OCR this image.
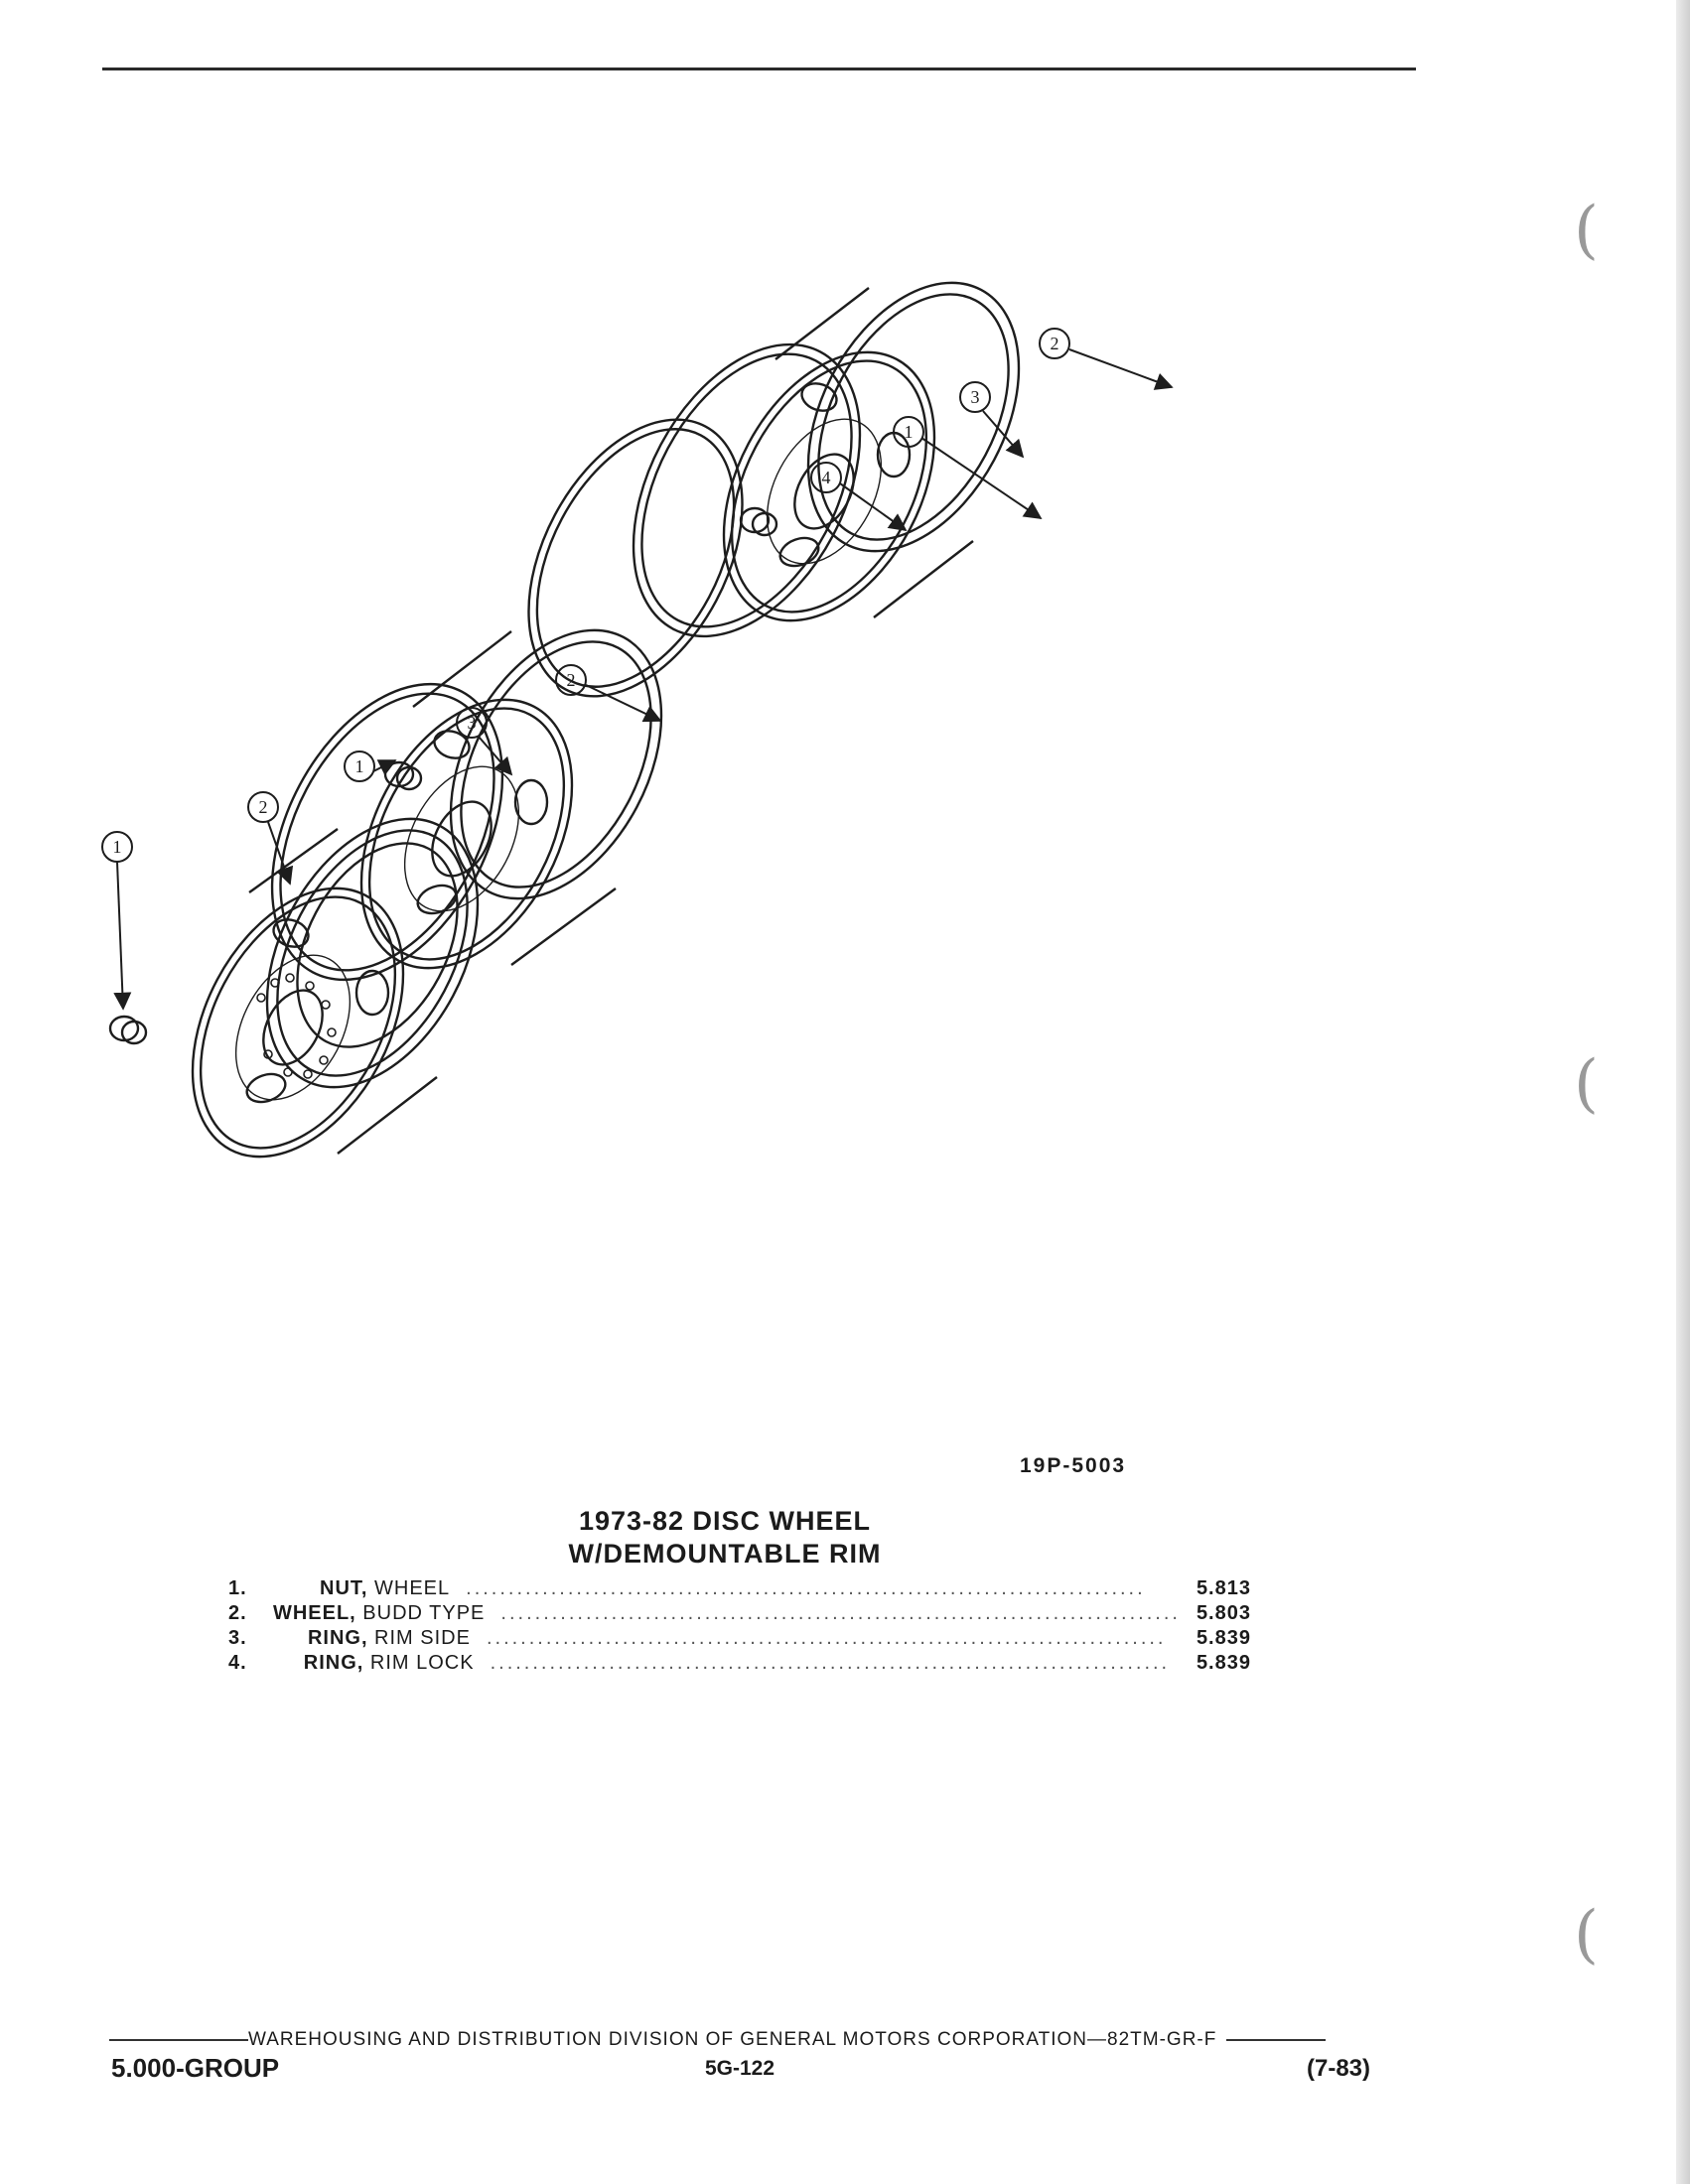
(
(
(
1
2
1
3
2
4
1
3
2
19P-5003
1973-82 DISC WHEEL
W/DEMOUNTABLE RIM
1.	NUT, WHEEL ................................................................................	5.813
2.	WHEEL, BUDD TYPE ................................................................................ 5.803
3.	RING, RIM SIDE ................................................................................	5.839
4.	RING, RIM LOCK ................................................................................	5.839
WAREHOUSING AND DISTRIBUTION DIVISION OF GENERAL MOTORS CORPORATION—82TM-GR-F
5.000-GROUP	5G-122	(7-83)
